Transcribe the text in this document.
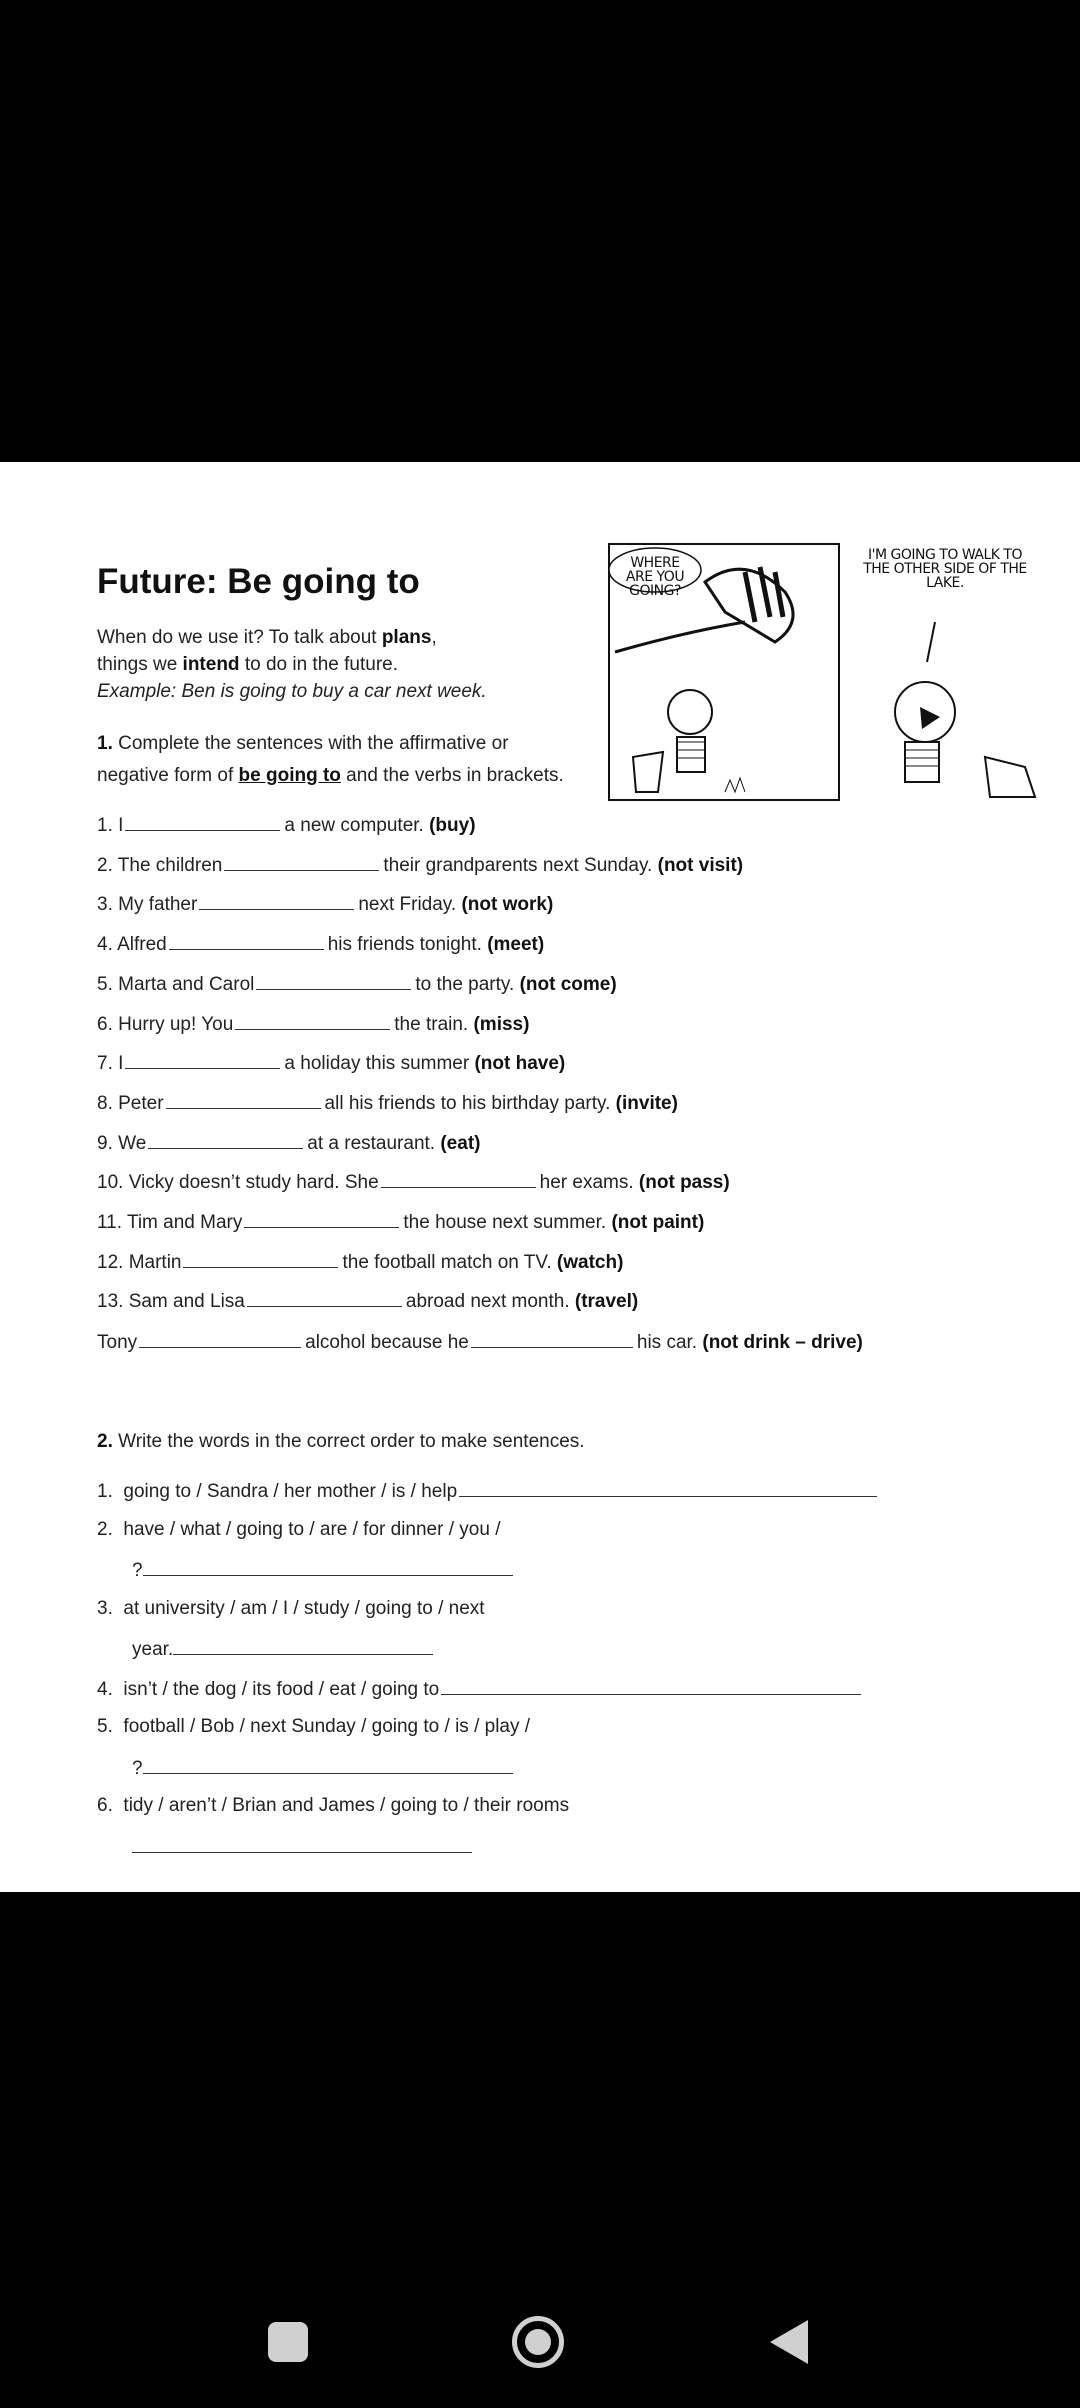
Future: Be going to
When do we use it? To talk about plans,
things we intend to do in the future.
Example: Ben is going to buy a car next week.
1. Complete the sentences with the affirmative or
negative form of be going to and the verbs in brackets.
WHERE ARE YOU GOING?
I'M GOING TO WALK TO THE OTHER SIDE OF THE LAKE.
1. I	a new computer. (buy)
2. The children	their grandparents next Sunday. (not visit)
3. My father	next Friday. (not work)
4. Alfred	his friends tonight. (meet)
5. Marta and Carol	to the party. (not come)
6. Hurry up! You	the train. (miss)
7. I	a holiday this summer (not have)
8. Peter	all his friends to his birthday party. (invite)
9. We	at a restaurant. (eat)
10. Vicky doesn’t study hard. She	her exams. (not pass)
11. Tim and Mary	the house next summer. (not paint)
12. Martin	the football match on TV. (watch)
13. Sam and Lisa	abroad next month. (travel)
Tony	alcohol because he	his car. (not drink – drive)
2. Write the words in the correct order to make sentences.
1. going to / Sandra / her mother / is / help
2. have / what / going to / are / for dinner / you /
?
3. at university / am / I / study / going to / next
year.
4. isn’t / the dog / its food / eat / going to
5. football / Bob / next Sunday / going to / is / play /
?
6. tidy / aren’t / Brian and James / going to / their rooms
